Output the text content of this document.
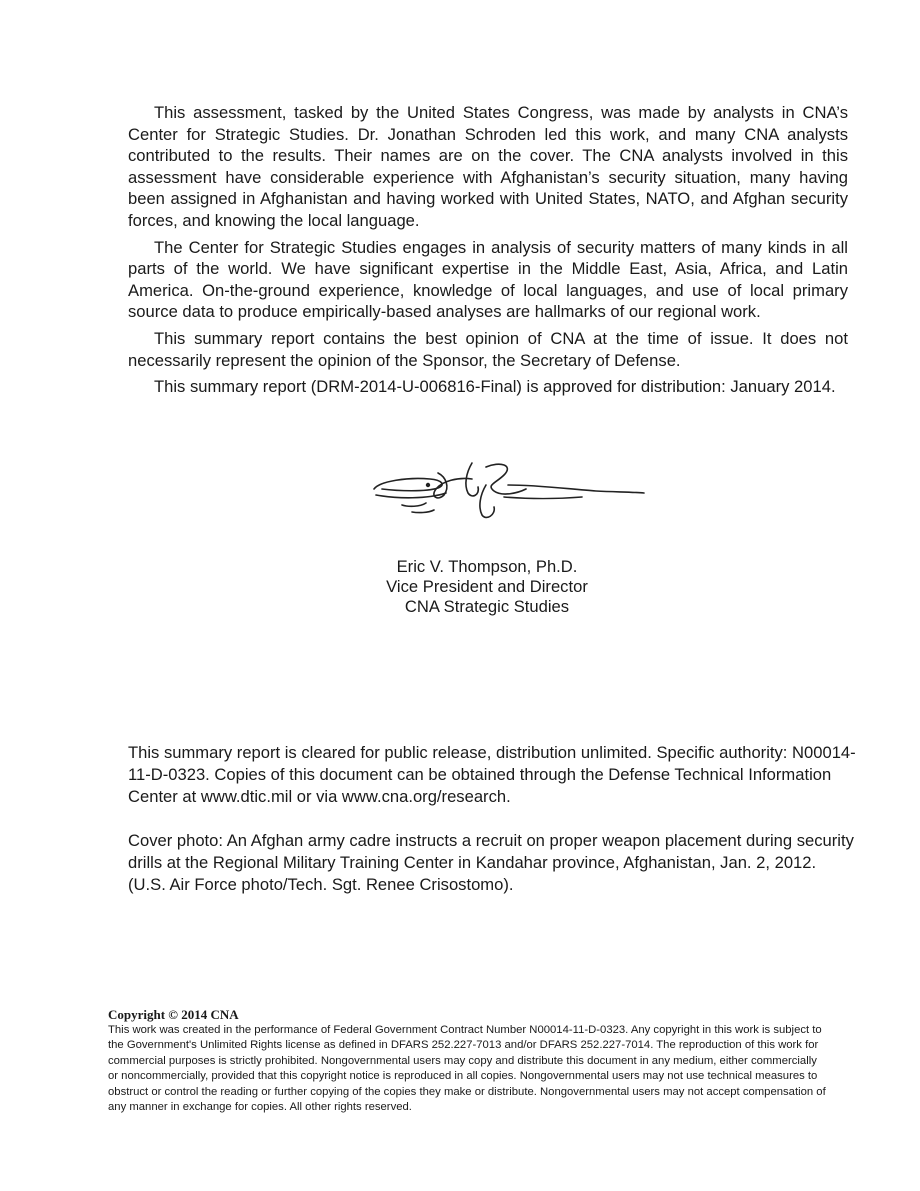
This assessment, tasked by the United States Congress, was made by analysts in CNA’s Center for Strategic Studies. Dr. Jonathan Schroden led this work, and many CNA analysts contributed to the results. Their names are on the cover. The CNA analysts involved in this assessment have considerable experience with Afghanistan’s security situation, many having been assigned in Afghanistan and having worked with United States, NATO, and Afghan security forces, and knowing the local language.

The Center for Strategic Studies engages in analysis of security matters of many kinds in all parts of the world. We have significant expertise in the Middle East, Asia, Africa, and Latin America. On-the-ground experience, knowledge of local languages, and use of local primary source data to produce empirically-based analyses are hallmarks of our regional work.

This summary report contains the best opinion of CNA at the time of issue. It does not necessarily represent the opinion of the Sponsor, the Secretary of Defense.

This summary report (DRM-2014-U-006816-Final) is approved for distribution: January 2014.

Eric V. Thompson, Ph.D.
Vice President and Director
CNA Strategic Studies

This summary report is cleared for public release, distribution unlimited. Specific authority: N00014-11-D-0323. Copies of this document can be obtained through the Defense Technical Information Center at www.dtic.mil or via www.cna.org/research.

Cover photo: An Afghan army cadre instructs a recruit on proper weapon placement during security drills at the Regional Military Training Center in Kandahar province, Afghanistan, Jan. 2, 2012. (U.S. Air Force photo/Tech. Sgt. Renee Crisostomo).

Copyright © 2014 CNA

This work was created in the performance of Federal Government Contract Number N00014-11-D-0323. Any copyright in this work is subject to the Government's Unlimited Rights license as defined in DFARS 252.227-7013 and/or DFARS 252.227-7014. The reproduction of this work for commercial purposes is strictly prohibited. Nongovernmental users may copy and distribute this document in any medium, either commercially or noncommercially, provided that this copyright notice is reproduced in all copies. Nongovernmental users may not use technical measures to obstruct or control the reading or further copying of the copies they make or distribute. Nongovernmental users may not accept compensation of any manner in exchange for copies. All other rights reserved.
